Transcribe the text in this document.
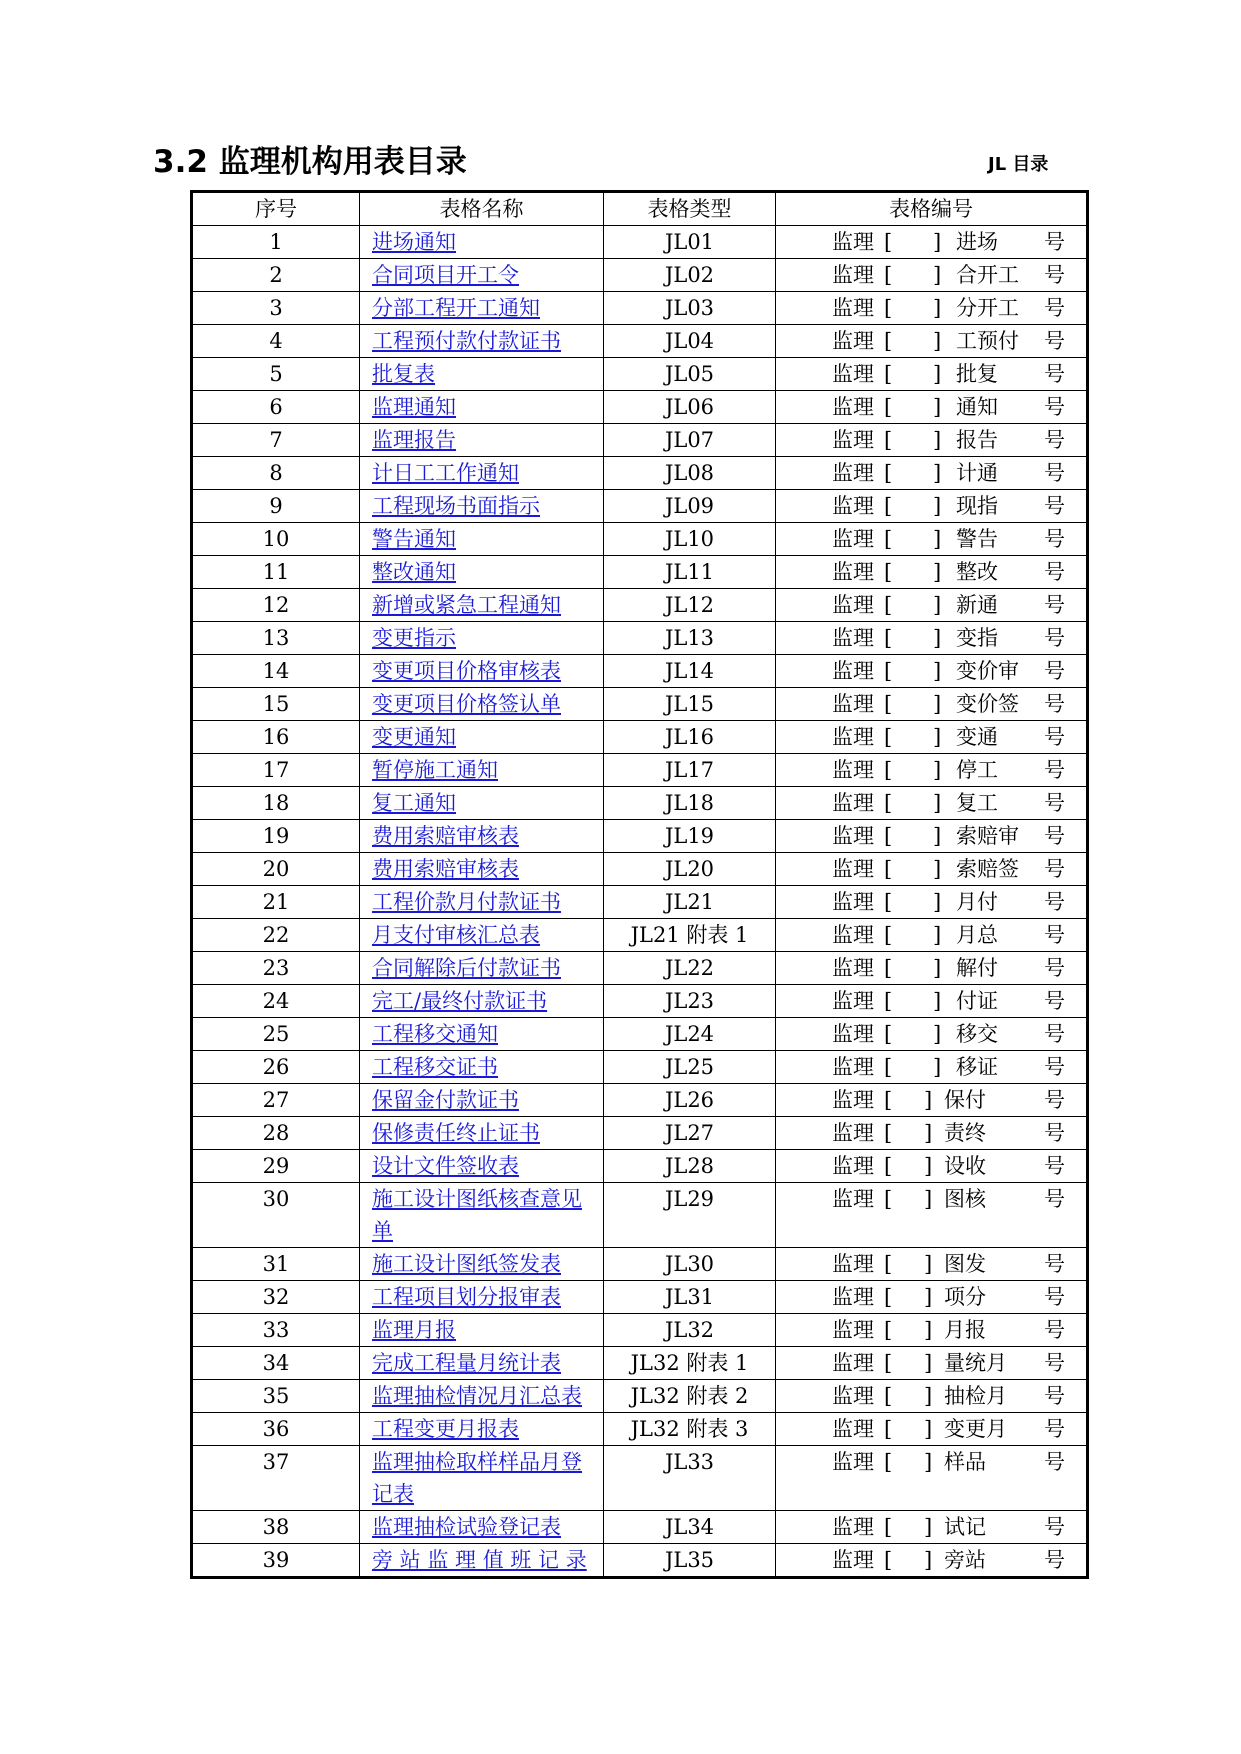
3.2 监理机构用表目录	JL 目录
序号	表格名称	表格类型	表格编号
1	进场通知	JL01	监理 [ ] 进场 号

2	合同项目开工令	JL02	监理 [ ] 合开工 号

3	分部工程开工通知	JL03	监理 [ ] 分开工 号

4	工程预付款付款证书	JL04	监理 [ ] 工预付 号

5	批复表	JL05	监理 [ ] 批复 号

6	监理通知	JL06	监理 [ ] 通知 号

7	监理报告	JL07	监理 [ ] 报告 号

8	计日工工作通知	JL08	监理 [ ] 计通 号

9	工程现场书面指示	JL09	监理 [ ] 现指 号

10	警告通知	JL10	监理 [ ] 警告 号

11	整改通知	JL11	监理 [ ] 整改 号

12	新增或紧急工程通知	JL12	监理 [ ] 新通 号

13	变更指示	JL13	监理 [ ] 变指 号

14	变更项目价格审核表	JL14	监理 [ ] 变价审 号

15	变更项目价格签认单	JL15	监理 [ ] 变价签 号

16	变更通知	JL16	监理 [ ] 变通 号

17	暂停施工通知	JL17	监理 [ ] 停工 号

18	复工通知	JL18	监理 [ ] 复工 号

19	费用索赔审核表	JL19	监理 [ ] 索赔审 号

20	费用索赔审核表	JL20	监理 [ ] 索赔签 号

21	工程价款月付款证书	JL21	监理 [ ] 月付 号

22	月支付审核汇总表	JL21 附表 1	监理 [ ] 月总 号

23	合同解除后付款证书	JL22	监理 [ ] 解付 号

24	完工/最终付款证书	JL23	监理 [ ] 付证 号

25	工程移交通知	JL24	监理 [ ] 移交 号

26	工程移交证书	JL25	监理 [ ] 移证 号

27	保留金付款证书	JL26	监理 [ ] 保付 号

28	保修责任终止证书	JL27	监理 [ ] 责终 号

29	设计文件签收表	JL28	监理 [ ] 设收 号

30	施工设计图纸核查意见单	JL29	监理 [ ] 图核 号

31	施工设计图纸签发表	JL30	监理 [ ] 图发 号

32	工程项目划分报审表	JL31	监理 [ ] 项分 号

33	监理月报	JL32	监理 [ ] 月报 号

34	完成工程量月统计表	JL32 附表 1	监理 [ ] 量统月 号

35	监理抽检情况月汇总表	JL32 附表 2	监理 [ ] 抽检月 号

36	工程变更月报表	JL32 附表 3	监理 [ ] 变更月 号

37	监理抽检取样样品月登记表	JL33	监理 [ ] 样品 号

38	监理抽检试验登记表	JL34	监理 [ ] 试记 号

39	旁 站 监 理 值 班 记 录	JL35	监理 [ ] 旁站 号
